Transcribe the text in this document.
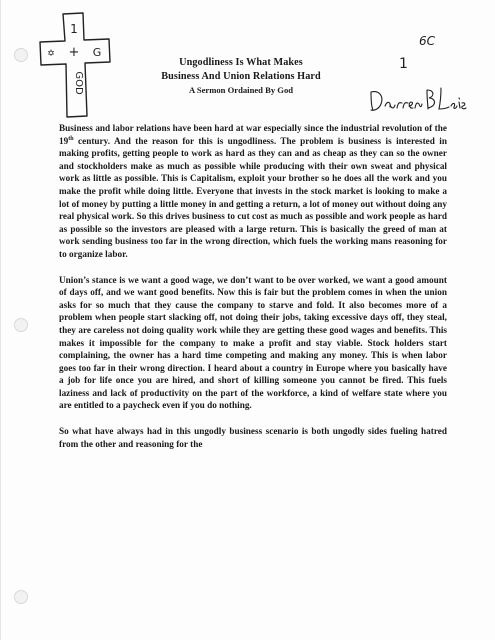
1
+ G
✡
GOD
Ungodliness Is What Makes
Business And Union Relations Hard
A Sermon Ordained By God
6C
1

Business and labor relations have been hard at war especially since the industrial revolution of the 19th century. And the reason for this is ungodliness. The problem is business is interested in making profits, getting people to work as hard as they can and as cheap as they can so the owner and stockholders make as much as possible while producing with their own sweat and physical work as little as possible. This is Capitalism, exploit your brother so he does all the work and you make the profit while doing little. Everyone that invests in the stock market is looking to make a lot of money by putting a little money in and getting a return, a lot of money out without doing any real physical work. So this drives business to cut cost as much as possible and work people as hard as possible so the investors are pleased with a large return. This is basically the greed of man at work sending business too far in the wrong direction, which fuels the working mans reasoning for to organize labor.

Union’s stance is we want a good wage, we don’t want to be over worked, we want a good amount of days off, and we want good benefits. Now this is fair but the problem comes in when the union asks for so much that they cause the company to starve and fold. It also becomes more of a problem when people start slacking off, not doing their jobs, taking excessive days off, they steal, they are careless not doing quality work while they are getting these good wages and benefits. This makes it impossible for the company to make a profit and stay viable. Stock holders start complaining, the owner has a hard time competing and making any money. This is when labor goes too far in their wrong direction. I heard about a country in Europe where you basically have a job for life once you are hired, and short of killing someone you cannot be fired. This fuels laziness and lack of productivity on the part of the workforce, a kind of welfare state where you are entitled to a paycheck even if you do nothing.

So what have always had in this ungodly business scenario is both ungodly sides fueling hatred from the other and reasoning for the
